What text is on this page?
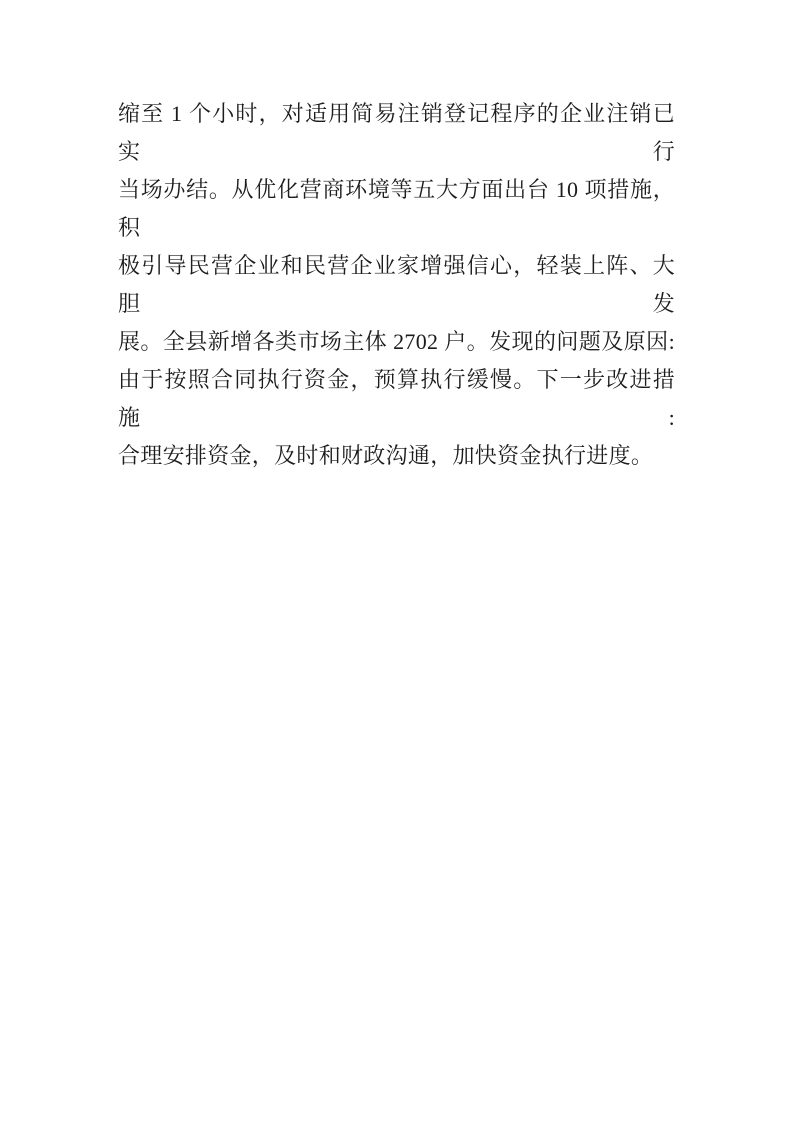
缩至 1 个小时，对适用简易注销登记程序的企业注销已实行
当场办结。从优化营商环境等五大方面出台 10 项措施，积
极引导民营企业和民营企业家增强信心，轻装上阵、大胆发
展。全县新增各类市场主体 2702 户。发现的问题及原因:
由于按照合同执行资金，预算执行缓慢。下一步改进措施:
合理安排资金，及时和财政沟通，加快资金执行进度。
